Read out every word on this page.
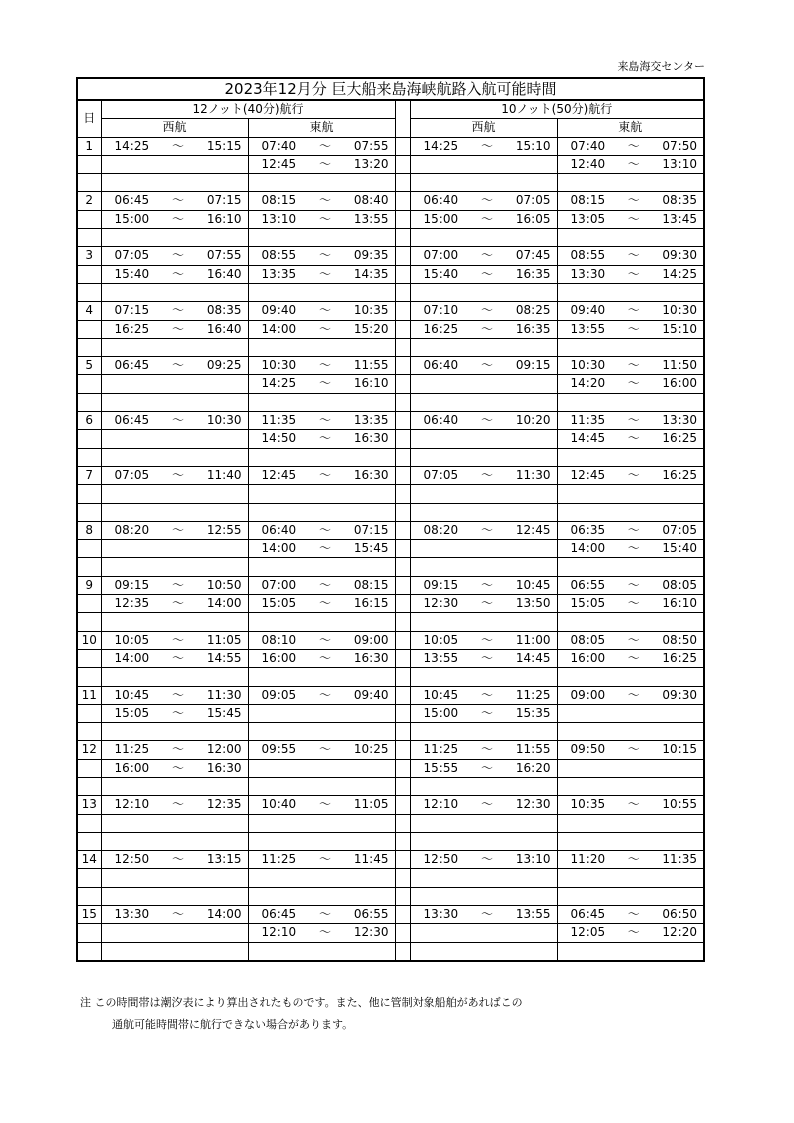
来島海交センター
2023年12月分 巨大船来島海峡航路入航可能時間					
日	12ノット(40分)航行			10ノット(50分)航行	
	西航	東航		西航	東航
1	14:25 ～ 15:15	07:40 ～ 07:55		14:25 ～ 15:10	07:40 ～ 07:50

		12:45 ～ 13:20			12:40 ～ 13:10

2	06:45 ～ 07:15	08:15 ～ 08:40		06:40 ～ 07:05	08:15 ～ 08:35

	15:00 ～ 16:10	13:10 ～ 13:55		15:00 ～ 16:05	13:05 ～ 13:45

3	07:05 ～ 07:55	08:55 ～ 09:35		07:00 ～ 07:45	08:55 ～ 09:30

	15:40 ～ 16:40	13:35 ～ 14:35		15:40 ～ 16:35	13:30 ～ 14:25

4	07:15 ～ 08:35	09:40 ～ 10:35		07:10 ～ 08:25	09:40 ～ 10:30

	16:25 ～ 16:40	14:00 ～ 15:20		16:25 ～ 16:35	13:55 ～ 15:10

5	06:45 ～ 09:25	10:30 ～ 11:55		06:40 ～ 09:15	10:30 ～ 11:50

		14:25 ～ 16:10			14:20 ～ 16:00

6	06:45 ～ 10:30	11:35 ～ 13:35		06:40 ～ 10:20	11:35 ～ 13:30

		14:50 ～ 16:30			14:45 ～ 16:25

7	07:05 ～ 11:40	12:45 ～ 16:30		07:05 ～ 11:30	12:45 ～ 16:25

8	08:20 ～ 12:55	06:40 ～ 07:15		08:20 ～ 12:45	06:35 ～ 07:05

		14:00 ～ 15:45			14:00 ～ 15:40

9	09:15 ～ 10:50	07:00 ～ 08:15		09:15 ～ 10:45	06:55 ～ 08:05

	12:35 ～ 14:00	15:05 ～ 16:15		12:30 ～ 13:50	15:05 ～ 16:10

10	10:05 ～ 11:05	08:10 ～ 09:00		10:05 ～ 11:00	08:05 ～ 08:50

	14:00 ～ 14:55	16:00 ～ 16:30		13:55 ～ 14:45	16:00 ～ 16:25

11	10:45 ～ 11:30	09:05 ～ 09:40		10:45 ～ 11:25	09:00 ～ 09:30

	15:05 ～ 15:45			15:00 ～ 15:35	

12	11:25 ～ 12:00	09:55 ～ 10:25		11:25 ～ 11:55	09:50 ～ 10:15

	16:00 ～ 16:30			15:55 ～ 16:20	

13	12:10 ～ 12:35	10:40 ～ 11:05		12:10 ～ 12:30	10:35 ～ 10:55

14	12:50 ～ 13:15	11:25 ～ 11:45		12:50 ～ 13:10	11:20 ～ 11:35

15	13:30 ～ 14:00	06:45 ～ 06:55		13:30 ～ 13:55	06:45 ～ 06:50

		12:10 ～ 12:30			12:05 ～ 12:20

注 この時間帯は潮汐表により算出されたものです。また、他に管制対象船舶があればこの
通航可能時間帯に航行できない場合があります。
